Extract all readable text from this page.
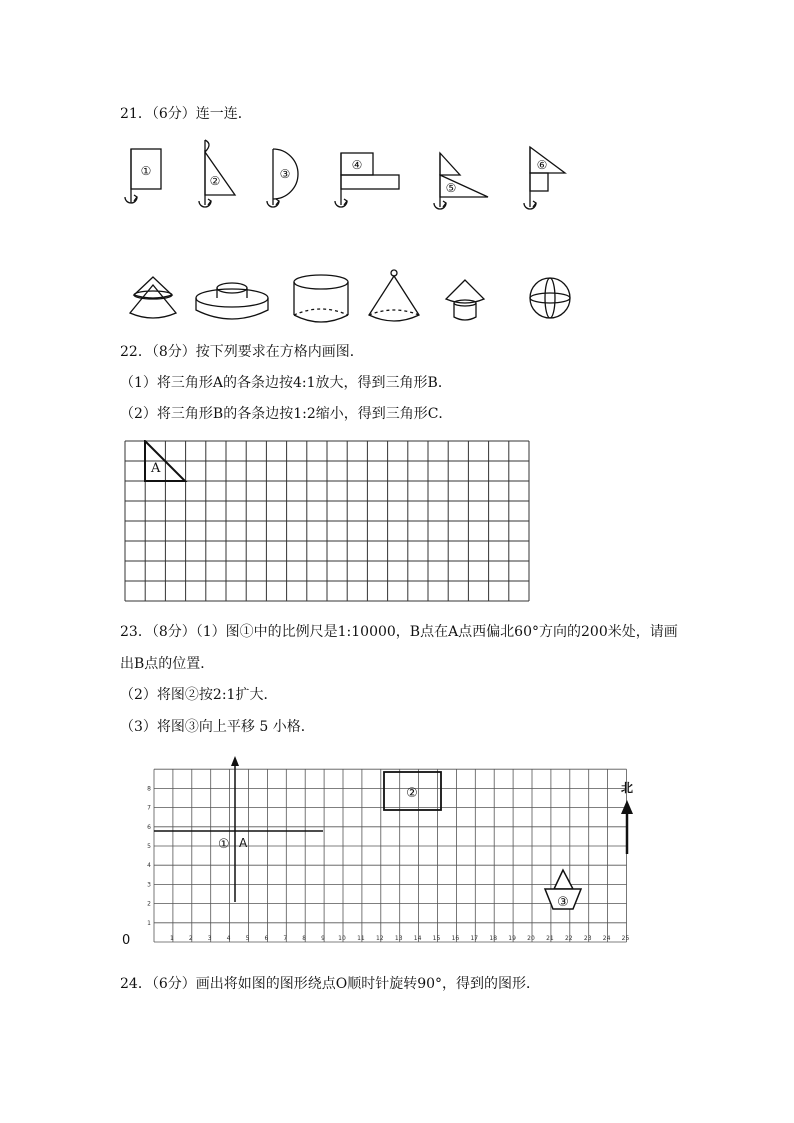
21．（6分）连一连．
①
②	③
④
⑤
⑥
22．（8分）按下列要求在方格内画图．
（1）将三角形A的各条边按4:1放大，得到三角形B．
（2）将三角形B的各条边按1:2缩小，得到三角形C．
A
23．（8分）（1）图①中的比例尺是1:10000，B点在A点西偏北60°方向的200米处，请画
出B点的位置．
（2）将图②按2:1扩大．
（3）将图③向上平移 5 小格．
1	2	3	4	5	6	7	8	9 10 11 12 13 14 15 16 17 18 19 20 21 22 23 24 25
1
2
3
4
5
6
7
8
0
① A
②
③
北
24．（6分）画出将如图的图形绕点O顺时针旋转90°，得到的图形．
